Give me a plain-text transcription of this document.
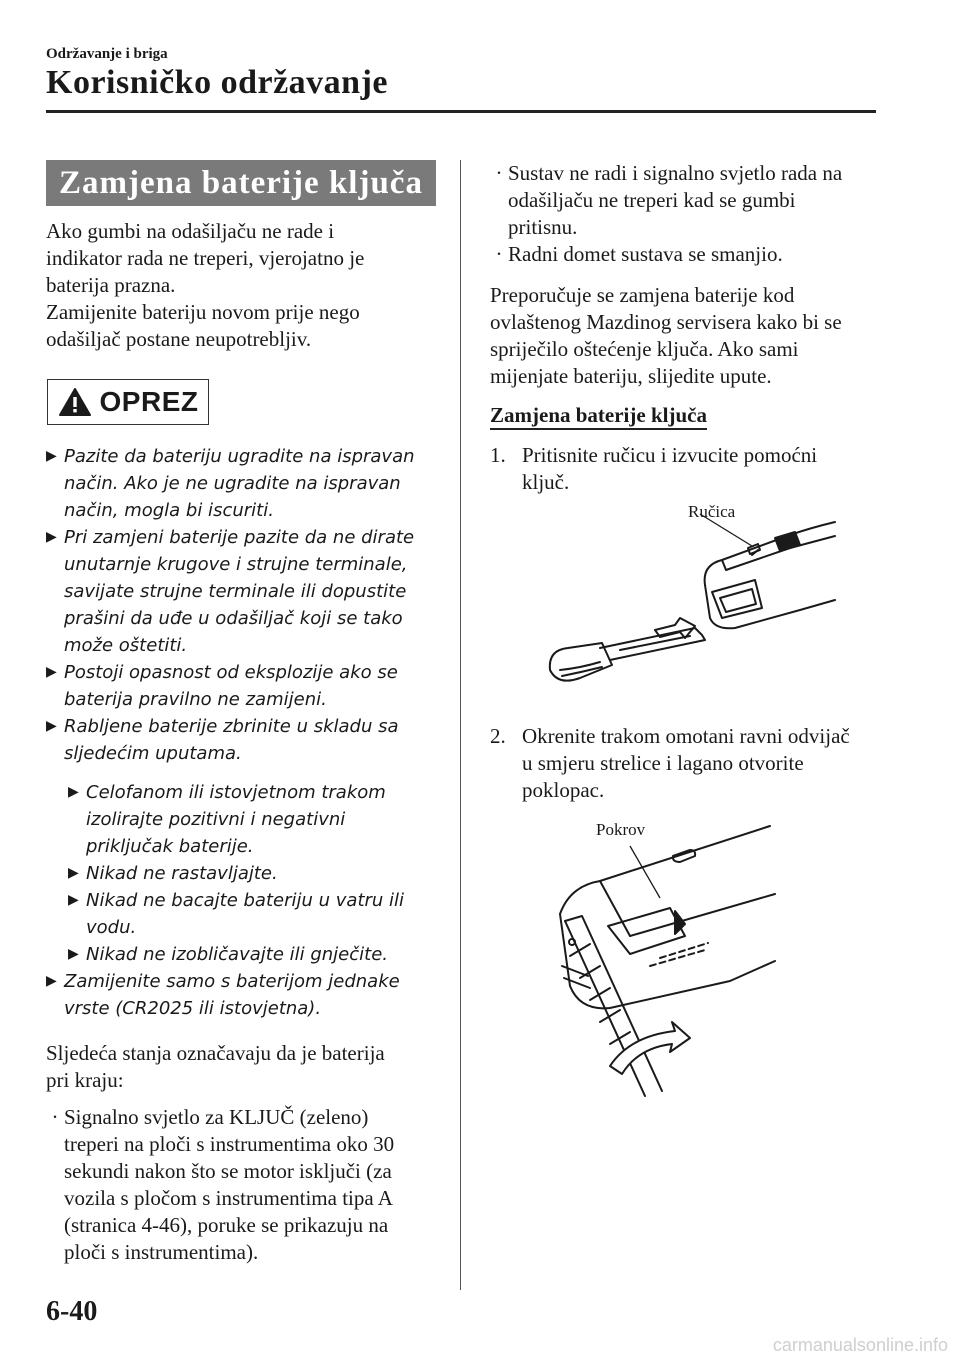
Održavanje i briga
Korisničko održavanje
Zamjena baterije ključa

Ako gumbi na odašiljaču ne rade i

indikator rada ne treperi, vjerojatno je

baterija prazna.

Zamijenite bateriju novom prije nego

odašiljač postane neupotrebljiv.

OPREZ
▶ Pazite da bateriju ugradite na ispravan
način. Ako je ne ugradite na ispravan
način, mogla bi iscuriti.
▶ Pri zamjeni baterije pazite da ne dirate
unutarnje krugove i strujne terminale,
savijate strujne terminale ili dopustite
prašini da uđe u odašiljač koji se tako
može oštetiti.
▶ Postoji opasnost od eksplozije ako se
baterija pravilno ne zamijeni.
▶ Rabljene baterije zbrinite u skladu sa
sljedećim uputama.
▶ Celofanom ili istovjetnom trakom
izolirajte pozitivni i negativni
priključak baterije.
▶ Nikad ne rastavljajte.
▶ Nikad ne bacajte bateriju u vatru ili
vodu.
▶ Nikad ne izobličavajte ili gnječite.
▶ Zamijenite samo s baterijom jednake
vrste (CR2025 ili istovjetna).

Sljedeća stanja označavaju da je baterija

pri kraju:

· Signalno svjetlo za KLJUČ (zeleno)
treperi na ploči s instrumentima oko 30
sekundi nakon što se motor isključi (za
vozila s pločom s instrumentima tipa A
(stranica 4-46), poruke se prikazuju na
ploči s instrumentima).
· Sustav ne radi i signalno svjetlo rada na
odašiljaču ne treperi kad se gumbi
pritisnu.
· Radni domet sustava se smanjio.

Preporučuje se zamjena baterije kod

ovlaštenog Mazdinog servisera kako bi se

spriječilo oštećenje ključa. Ako sami

mijenjate bateriju, slijedite upute.

Zamjena baterije ključa
1. Pritisnite ručicu i izvucite pomoćni
ključ.
Ručica
2. Okrenite trakom omotani ravni odvijač
u smjeru strelice i lagano otvorite
poklopac.
Pokrov
6-40
carmanualsonline.info
